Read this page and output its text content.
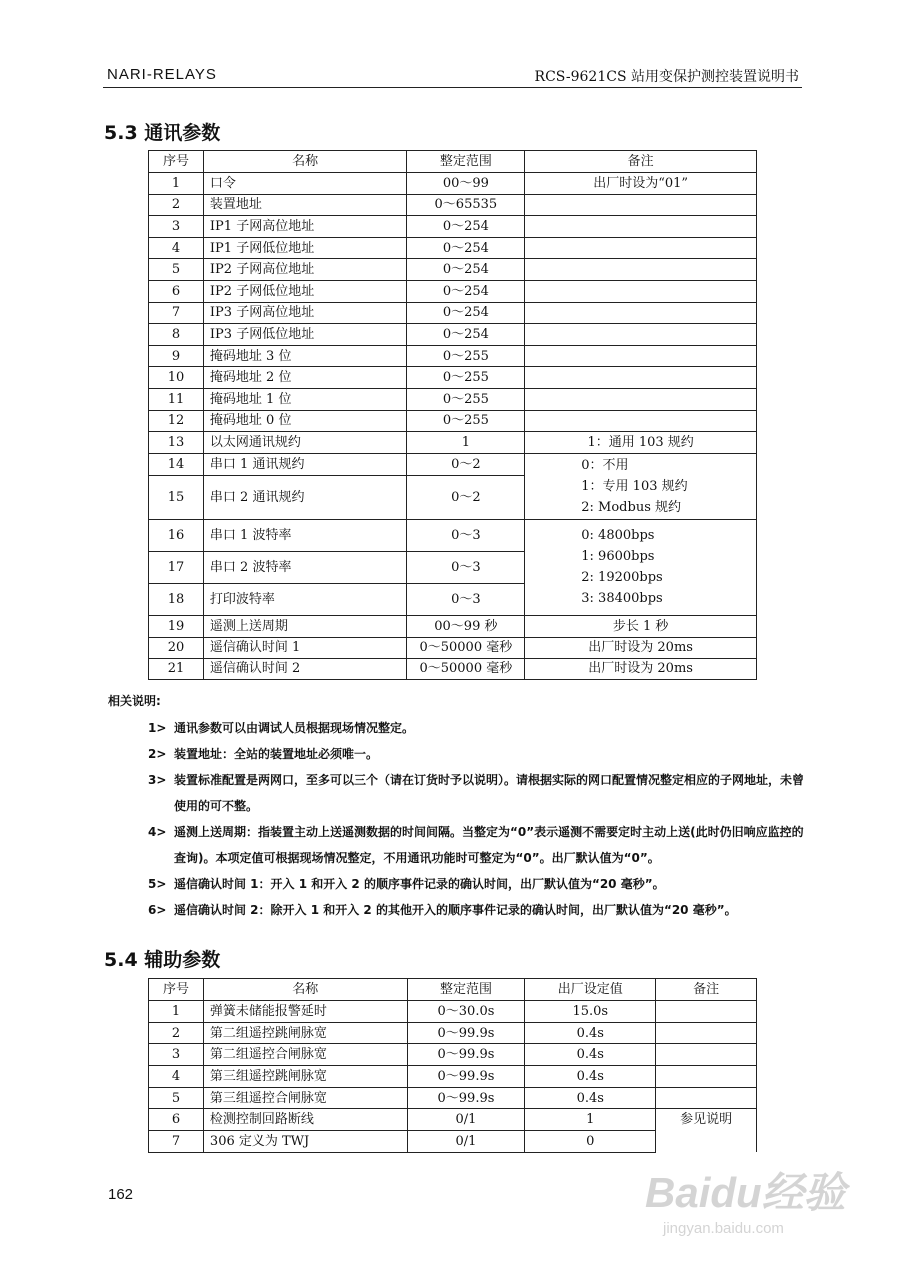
NARI-RELAYS	RCS-9621CS 站用变保护测控装置说明书
5.3 通讯参数
序号	名称	整定范围	备注
1	口令	00～99	出厂时设为“01”
2	装置地址	0～65535	
3	IP1 子网高位地址	0～254	
4	IP1 子网低位地址	0～254	
5	IP2 子网高位地址	0～254	
6	IP2 子网低位地址	0～254	
7	IP3 子网高位地址	0～254	
8	IP3 子网低位地址	0～254	
9	掩码地址 3 位	0～255	
10	掩码地址 2 位	0～255	
11	掩码地址 1 位	0～255	
12	掩码地址 0 位	0～255	
13	以太网通讯规约	1	1：通用 103 规约
14	串口 1 通讯规约	0～2	0：不用
1：专用 103 规约
2: Modbus 规约

15	串口 2 通讯规约	0～2	
16	串口 1 波特率	0～3	0: 4800bps
1: 9600bps
2: 19200bps
3: 38400bps

17	串口 2 波特率	0～3	
18	打印波特率	0～3	
19	遥测上送周期	00～99 秒	步长 1 秒
20	遥信确认时间 1	0～50000 毫秒	出厂时设为 20ms
21	遥信确认时间 2	0～50000 毫秒	出厂时设为 20ms
相关说明:
1> 通讯参数可以由调试人员根据现场情况整定。
2> 装置地址：全站的装置地址必须唯一。
3> 装置标准配置是两网口，至多可以三个（请在订货时予以说明）。请根据实际的网口配置情况整定相应的子网地址，未曾使用的可不整。
4> 遥测上送周期：指装置主动上送遥测数据的时间间隔。当整定为“0”表示遥测不需要定时主动上送(此时仍旧响应监控的查询)。本项定值可根据现场情况整定，不用通讯功能时可整定为“0”。出厂默认值为“0”。
5> 遥信确认时间 1：开入 1 和开入 2 的顺序事件记录的确认时间，出厂默认值为“20 毫秒”。
6> 遥信确认时间 2：除开入 1 和开入 2 的其他开入的顺序事件记录的确认时间，出厂默认值为“20 毫秒”。
5.4 辅助参数
序号	名称	整定范围	出厂设定值	备注
1	弹簧未储能报警延时	0～30.0s	15.0s	
2	第二组遥控跳闸脉宽	0～99.9s	0.4s	
3	第二组遥控合闸脉宽	0～99.9s	0.4s	
4	第三组遥控跳闸脉宽	0～99.9s	0.4s	
5	第三组遥控合闸脉宽	0～99.9s	0.4s	
6	检测控制回路断线	0/1	1	参见说明
7	306 定义为 TWJ	0/1	0	
162	Baidu经验
jingyan.baidu.com
